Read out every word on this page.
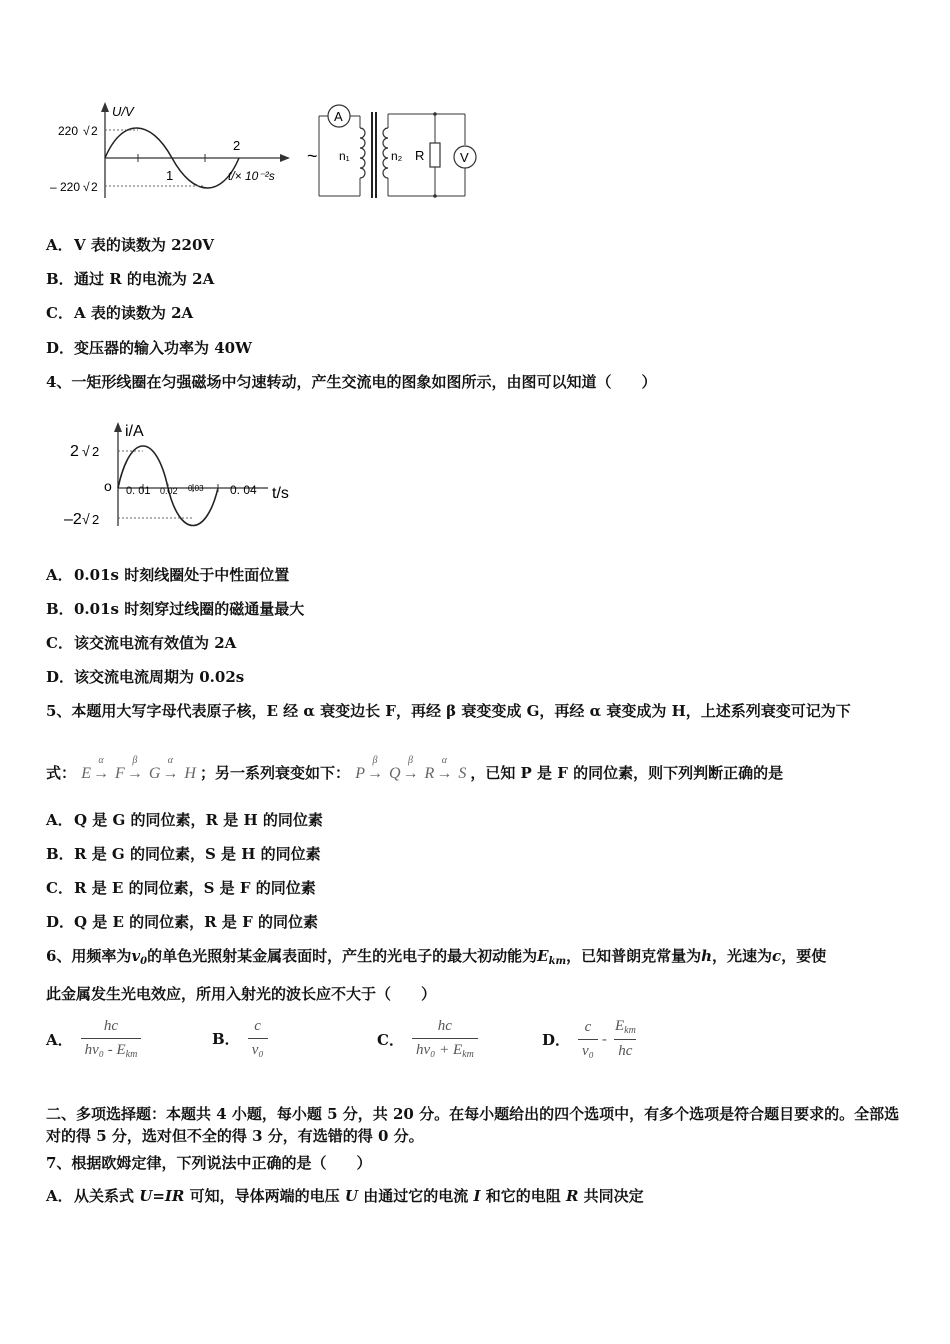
U/V
220 √ 2
– 220 √ 2
1
2
t/× 10⁻²s
A
~ n₁	n₂ R	V
A．V 表的读数为 220V
B．通过 R 的电流为 2A
C．A 表的读数为 2A
D．变压器的输入功率为 40W
4、一矩形线圈在匀强磁场中匀速转动，产生交流电的图象如图所示，由图可以知道（　　）
i/A
2 √ 2
o
–2 √ 2
0. 01 0.02 0.03 0. 04 t/s
A．0.01s 时刻线圈处于中性面位置
B．0.01s 时刻穿过线圈的磁通量最大
C．该交流电流有效值为 2A
D．该交流电流周期为 0.02s
5、本题用大写字母代表原子核，E 经 α 衰变边长 F，再经 β 衰变变成 G，再经 α 衰变成为 H，上述系列衰变可记为下
式： E →
α
F →
β
G →
α
H ；另一系列衰变如下： P →
β
Q →
β
R →
α
S ，已知 P 是 F 的同位素，则下列判断正确的是
A．Q 是 G 的同位素，R 是 H 的同位素
B．R 是 G 的同位素，S 是 H 的同位素
C．R 是 E 的同位素，S 是 F 的同位素
D．Q 是 E 的同位素，R 是 F 的同位素
6、用频率为$v_0$的单色光照射某金属表面时，产生的光电子的最大初动能为$E_{km}$，已知普朗克常量为h，光速为c，要使
此金属发生光电效应，所用入射光的波长应不大于（　　）
A． $\frac{hc}{hv_0 - E_{km}}$	B． $\frac{c}{\text{v₀}}$	C． $\frac{hc}{hv_0 + E_{km}}$	D． $\frac{c}{\text{v₀}} - \frac{E_{km}}{hc}$
二、多项选择题：本题共 4 小题，每小题 5 分，共 20 分。在每小题给出的四个选项中，有多个选项是符合题目要求的。全部选对的得 5 分，选对但不全的得 3 分，有选错的得 0 分。
7、根据欧姆定律，下列说法中正确的是（　　）
A．从关系式 U=IR 可知，导体两端的电压 U 由通过它的电流 I 和它的电阻 R 共同决定
